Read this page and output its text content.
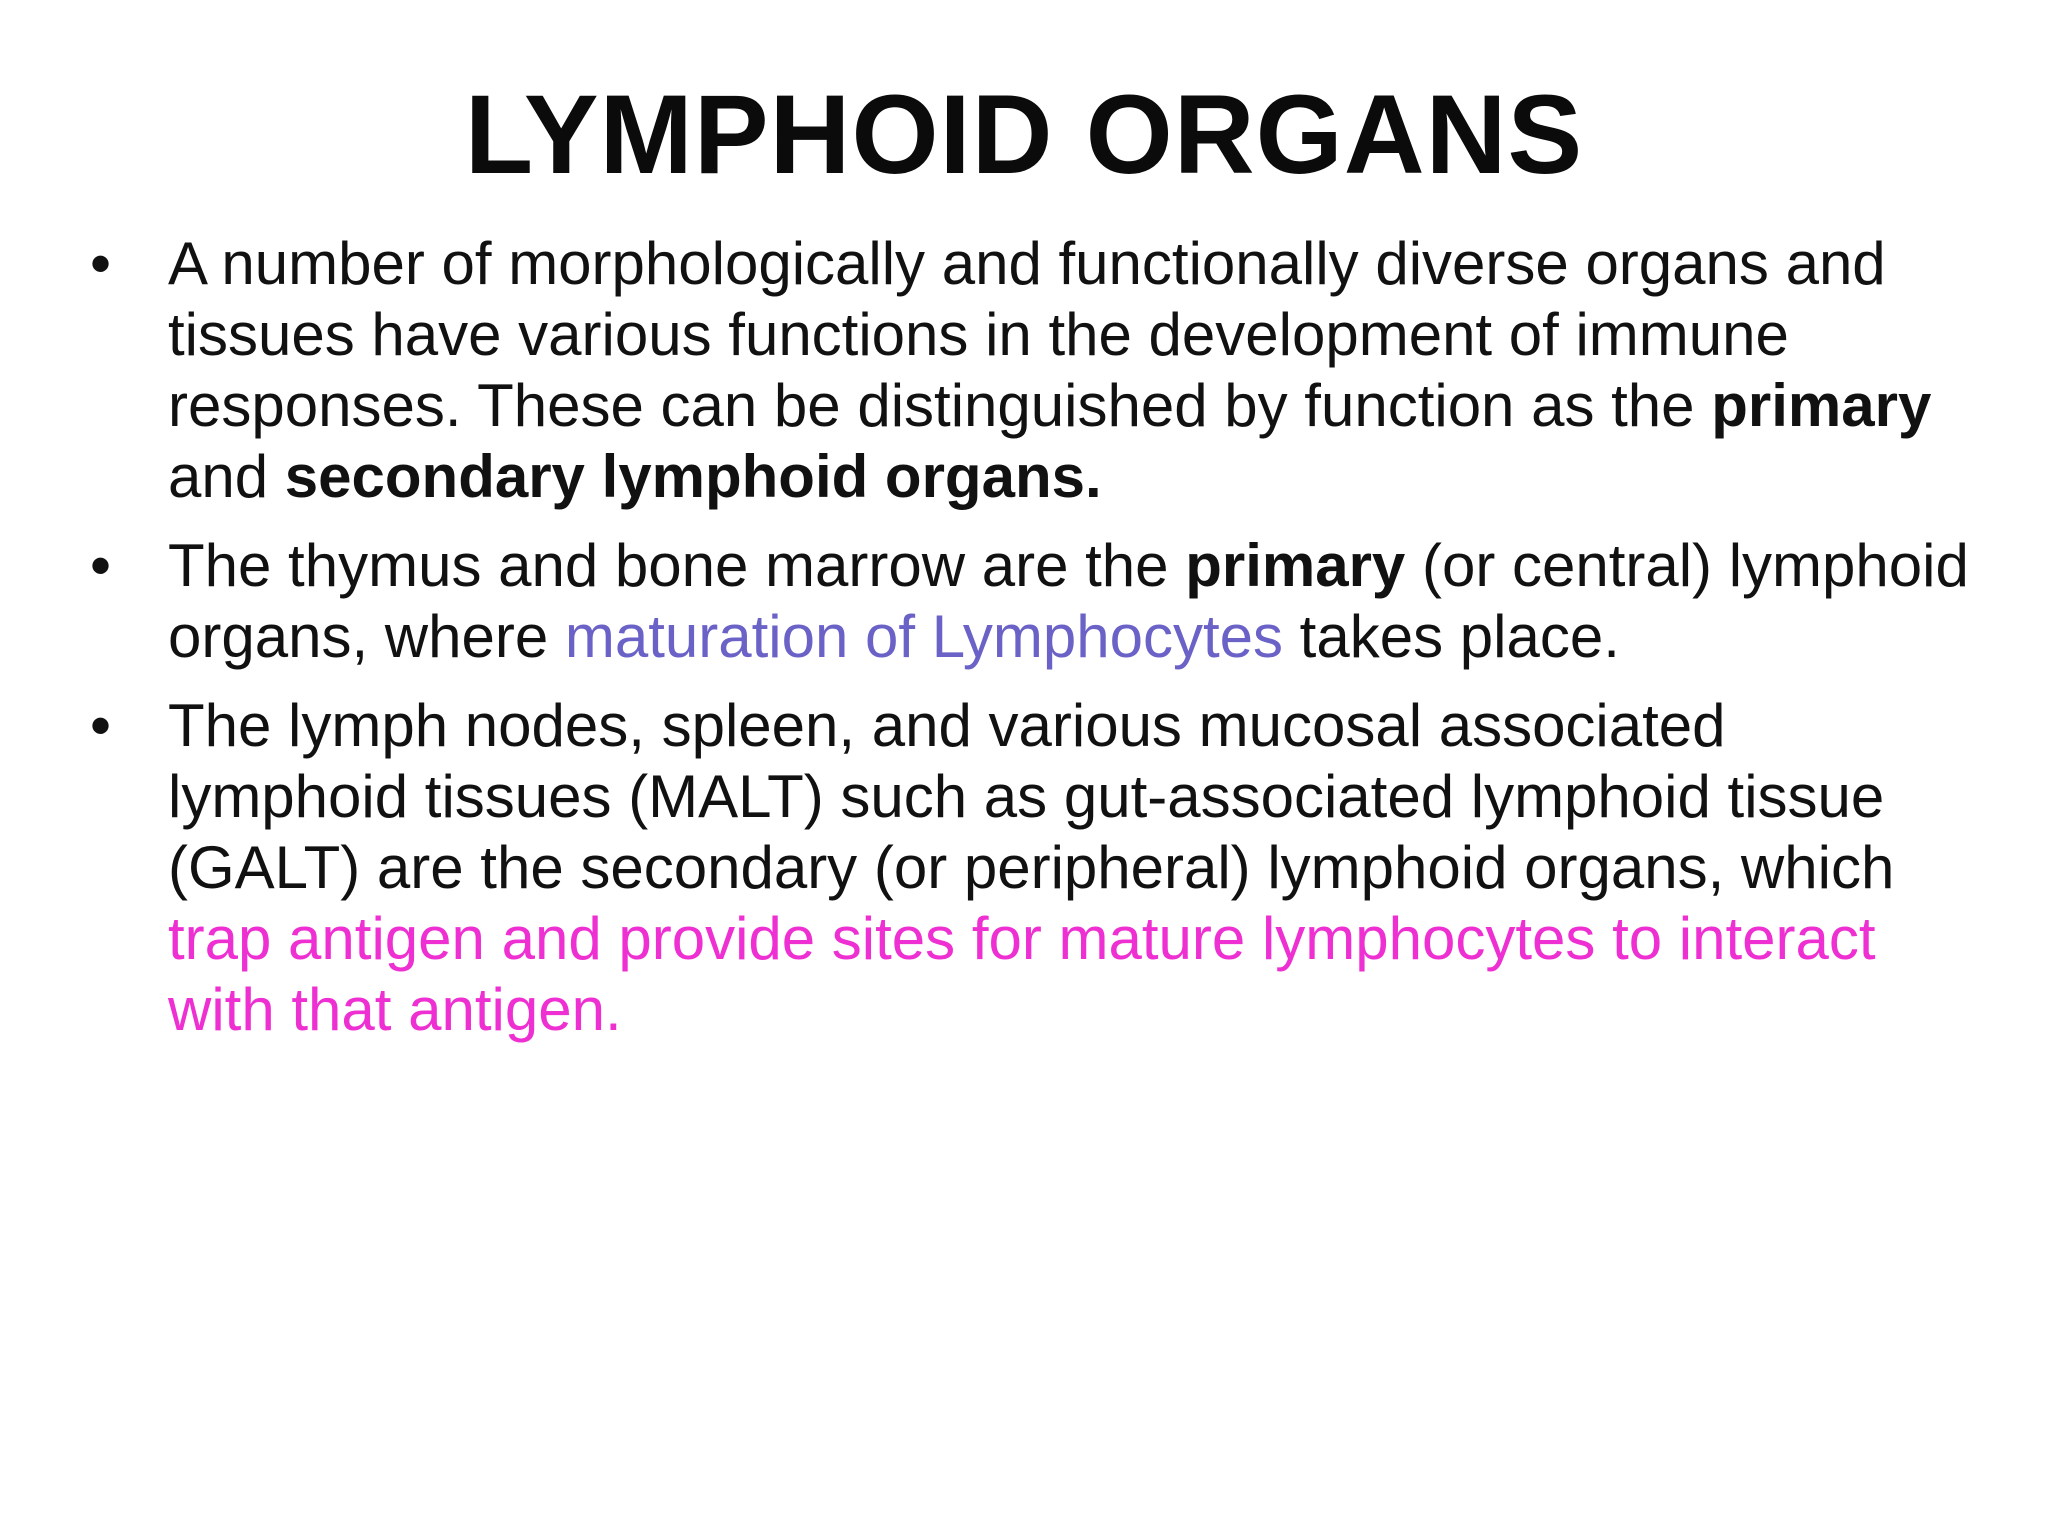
LYMPHOID ORGANS
• A number of morphologically and functionally diverse organs and tissues have various functions in the development of immune responses. These can be distinguished by function as the primary and secondary lymphoid organs.
• The thymus and bone marrow are the primary (or central) lymphoid organs, where maturation of Lymphocytes takes place.
• The lymph nodes, spleen, and various mucosal associated lymphoid tissues (MALT) such as gut-associated lymphoid tissue (GALT) are the secondary (or peripheral) lymphoid organs, which trap antigen and provide sites for mature lymphocytes to interact with that antigen.
